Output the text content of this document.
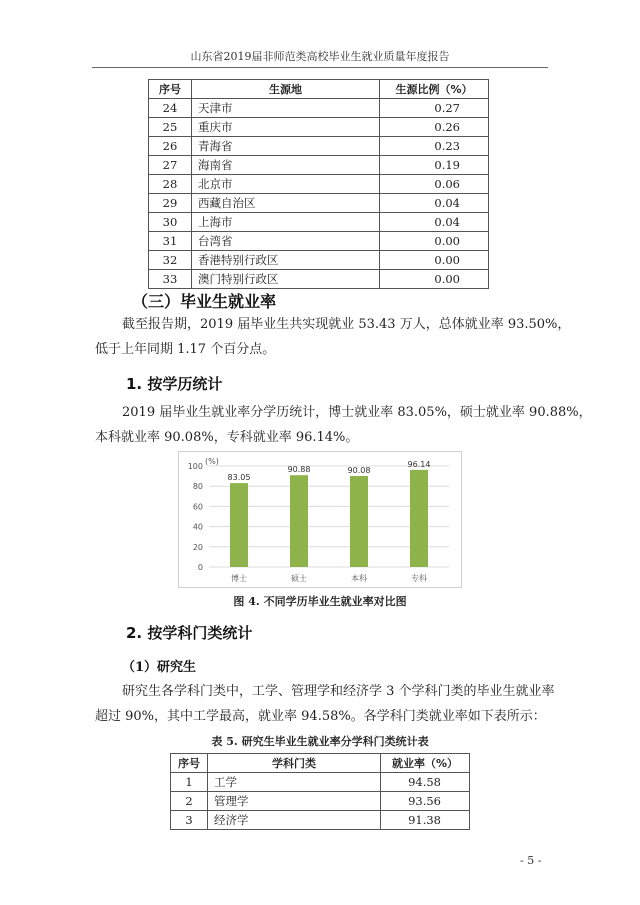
山东省2019届非师范类高校毕业生就业质量年度报告
序号	生源地	生源比例（%）
24	天津市	0.27
25	重庆市	0.26
26	青海省	0.23
27	海南省	0.19
28	北京市	0.06
29	西藏自治区	0.04
30	上海市	0.04
31	台湾省	0.00
32	香港特别行政区	0.00
33	澳门特别行政区	0.00
（三）毕业生就业率
截至报告期，2019 届毕业生共实现就业 53.43 万人，总体就业率 93.50%，
低于上年同期 1.17 个百分点。
1. 按学历统计
2019 届毕业生就业率分学历统计，博士就业率 83.05%，硕士就业率 90.88%，
本科就业率 90.08%，专科就业率 96.14%。
0
20
40
60
80
100
(%)
83.05
博士
90.88
硕士
90.08
本科
96.14
专科
图 4. 不同学历毕业生就业率对比图
2. 按学科门类统计
（1）研究生
研究生各学科门类中，工学、管理学和经济学 3 个学科门类的毕业生就业率
超过 90%，其中工学最高，就业率 94.58%。各学科门类就业率如下表所示：
表 5. 研究生毕业生就业率分学科门类统计表
序号	学科门类	就业率（%）
1	工学	94.58
2	管理学	93.56
3	经济学	91.38
- 5 -
